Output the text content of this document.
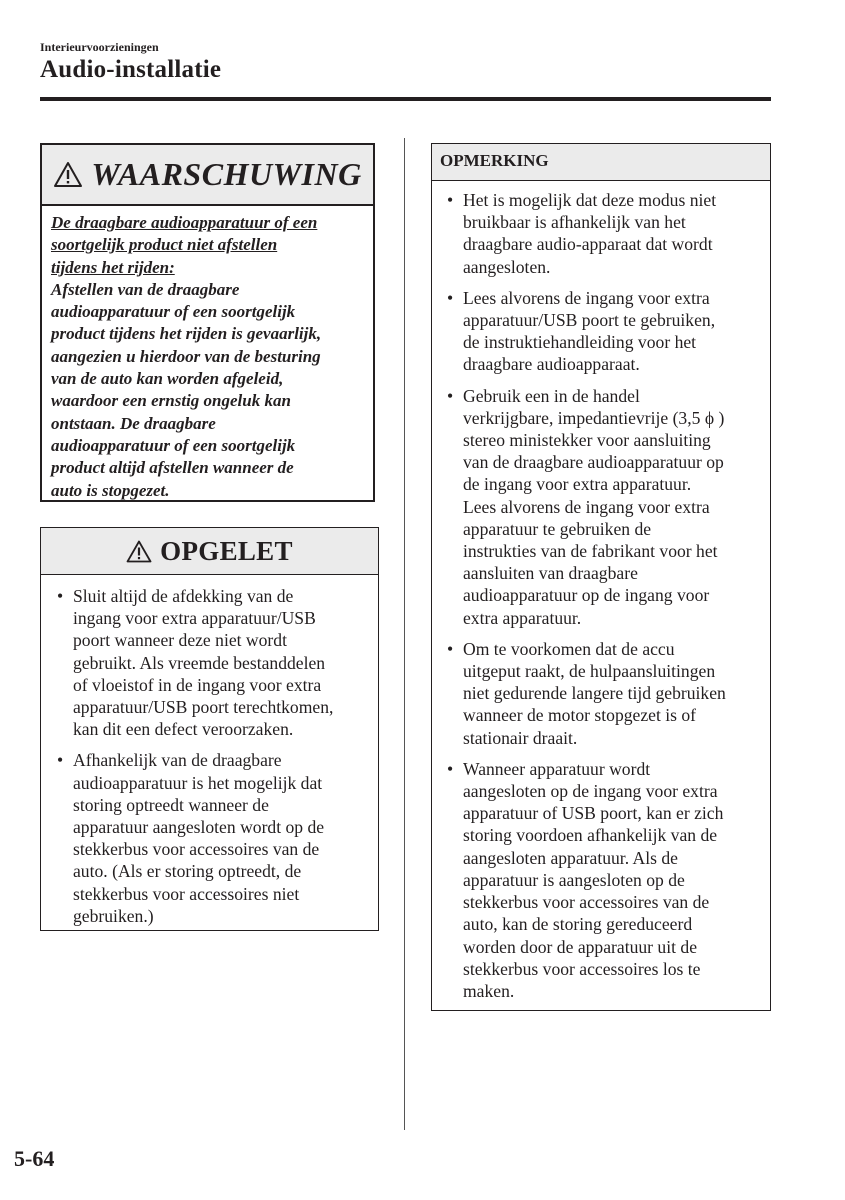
Interieurvoorzieningen
Audio-installatie
WAARSCHUWING
De draagbare audioapparatuur of een
soortgelijk product niet afstellen
tijdens het rijden:
Afstellen van de draagbare
audioapparatuur of een soortgelijk
product tijdens het rijden is gevaarlijk,
aangezien u hierdoor van de besturing
van de auto kan worden afgeleid,
waardoor een ernstig ongeluk kan
ontstaan. De draagbare
audioapparatuur of een soortgelijk
product altijd afstellen wanneer de
auto is stopgezet.
OPGELET
• Sluit altijd de afdekking van de
ingang voor extra apparatuur/USB
poort wanneer deze niet wordt
gebruikt. Als vreemde bestanddelen
of vloeistof in de ingang voor extra
apparatuur/USB poort terechtkomen,
kan dit een defect veroorzaken.
• Afhankelijk van de draagbare
audioapparatuur is het mogelijk dat
storing optreedt wanneer de
apparatuur aangesloten wordt op de
stekkerbus voor accessoires van de
auto. (Als er storing optreedt, de
stekkerbus voor accessoires niet
gebruiken.)
OPMERKING
• Het is mogelijk dat deze modus niet
bruikbaar is afhankelijk van het
draagbare audio-apparaat dat wordt
aangesloten.
• Lees alvorens de ingang voor extra
apparatuur/USB poort te gebruiken,
de instruktiehandleiding voor het
draagbare audioapparaat.
• Gebruik een in de handel
verkrijgbare, impedantievrije (3,5 ϕ )
stereo ministekker voor aansluiting
van de draagbare audioapparatuur op
de ingang voor extra apparatuur.
Lees alvorens de ingang voor extra
apparatuur te gebruiken de
instrukties van de fabrikant voor het
aansluiten van draagbare
audioapparatuur op de ingang voor
extra apparatuur.
• Om te voorkomen dat de accu
uitgeput raakt, de hulpaansluitingen
niet gedurende langere tijd gebruiken
wanneer de motor stopgezet is of
stationair draait.
• Wanneer apparatuur wordt
aangesloten op de ingang voor extra
apparatuur of USB poort, kan er zich
storing voordoen afhankelijk van de
aangesloten apparatuur. Als de
apparatuur is aangesloten op de
stekkerbus voor accessoires van de
auto, kan de storing gereduceerd
worden door de apparatuur uit de
stekkerbus voor accessoires los te
maken.
5-64
